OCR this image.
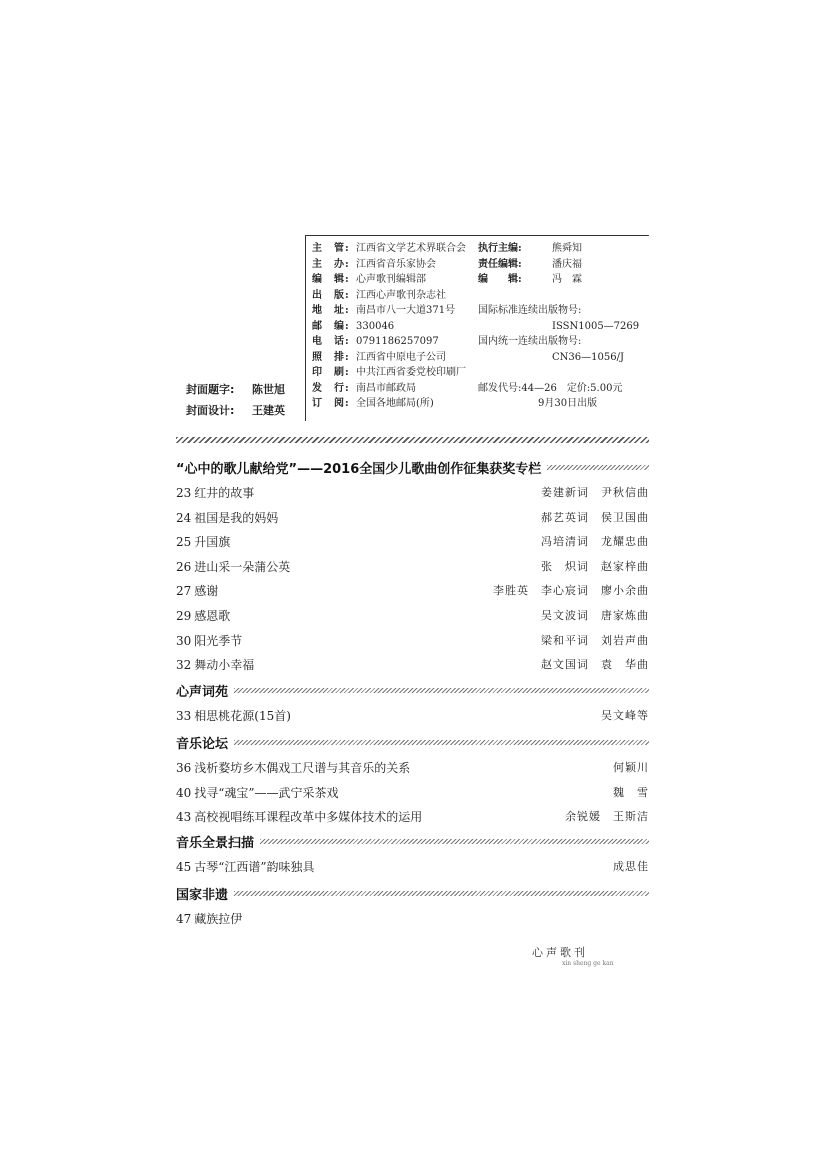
主　管: 江西省文学艺术界联合会	执行主编:	熊舜知
主　办: 江西省音乐家协会	责任编辑:	潘庆福
编　辑: 心声歌刊编辑部	编　　辑:	冯　霖
出　版: 江西心声歌刊杂志社
地　址: 南昌市八一大道371号	国际标准连续出版物号:
邮　编: 330046	ISSN1005—7269
电　话: 0791186257097	国内统一连续出版物号:
照　排: 江西省中原电子公司	CN36—1056/J
印　刷: 中共江西省委党校印刷厂
发　行: 南昌市邮政局	邮发代号:44—26　定价:5.00元
订　阅: 全国各地邮局(所)	　　　　　　9月30日出版
封面题字: 陈世旭
封面设计: 王建英
“心中的歌儿献给党”——2016全国少儿歌曲创作征集获奖专栏
23 红井的故事	姜建新词　尹秋信曲
24 祖国是我的妈妈	郝艺英词　侯卫国曲
25 升国旗	冯培清词　龙耀忠曲
26 进山采一朵蒲公英	张　炽词　赵家梓曲
27 感谢	李胜英　李心宸词　廖小余曲
29 感恩歌	吴文波词　唐家炼曲
30 阳光季节	梁和平词　刘岩声曲
32 舞动小幸福	赵文国词　袁　华曲
心声词苑
33 相思桃花源(15首)	吴文峰等
音乐论坛
36 浅析婺坊乡木偶戏工尺谱与其音乐的关系	何颖川
40 找寻“魂宝”——武宁采茶戏	魏　雪
43 高校视唱练耳课程改革中多媒体技术的运用	余锐媛　王斯洁
音乐全景扫描
45 古琴“江西谱”韵味独具	成思佳
国家非遗
47 藏族拉伊
心声歌刊
xin sheng ge kan
